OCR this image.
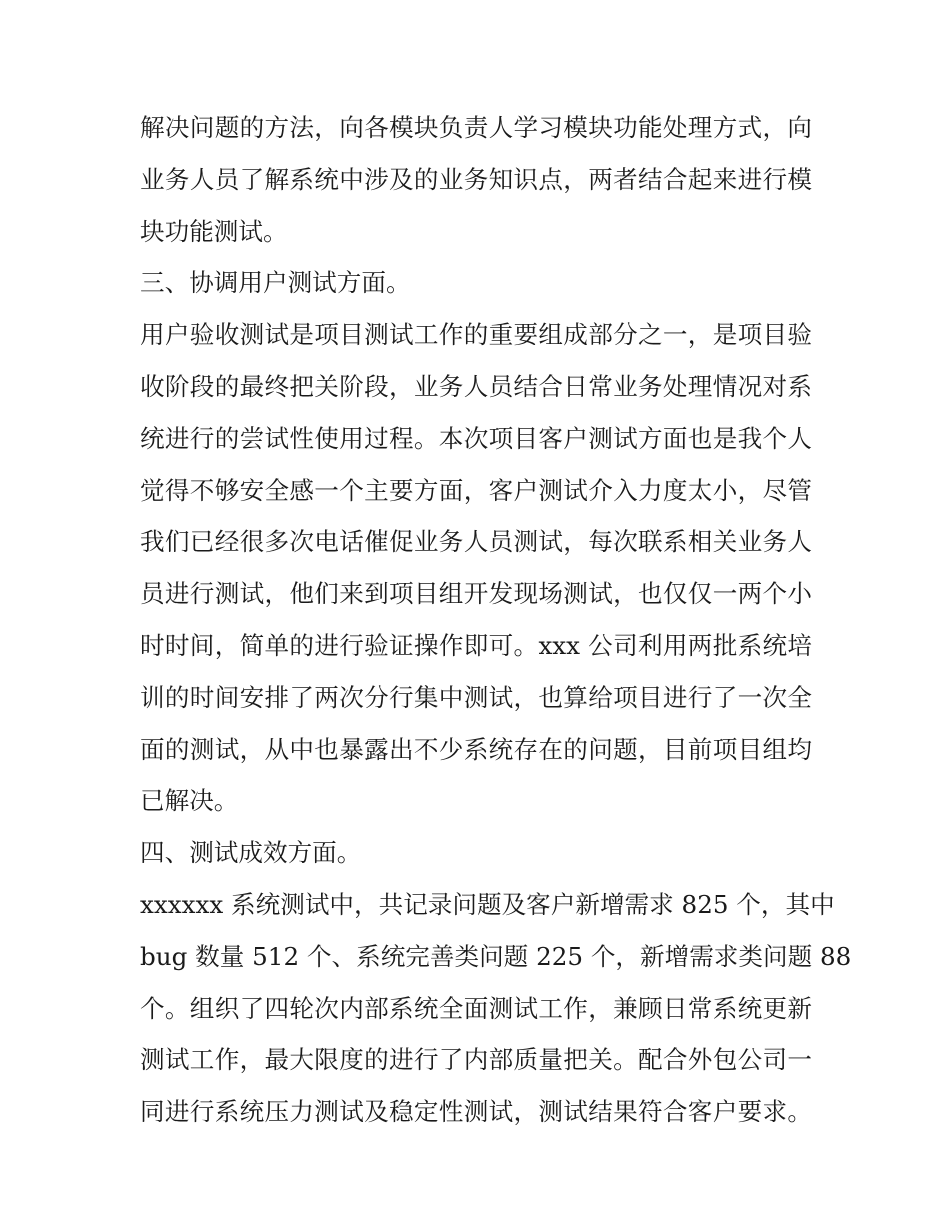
解决问题的方法，向各模块负责人学习模块功能处理方式，向
业务人员了解系统中涉及的业务知识点，两者结合起来进行模
块功能测试。
三、协调用户测试方面。
用户验收测试是项目测试工作的重要组成部分之一，是项目验
收阶段的最终把关阶段，业务人员结合日常业务处理情况对系
统进行的尝试性使用过程。本次项目客户测试方面也是我个人
觉得不够安全感一个主要方面，客户测试介入力度太小，尽管
我们已经很多次电话催促业务人员测试，每次联系相关业务人
员进行测试，他们来到项目组开发现场测试，也仅仅一两个小
时时间，简单的进行验证操作即可。xxx 公司利用两批系统培
训的时间安排了两次分行集中测试，也算给项目进行了一次全
面的测试，从中也暴露出不少系统存在的问题，目前项目组均
已解决。
四、测试成效方面。
xxxxxx 系统测试中，共记录问题及客户新增需求 825 个，其中
bug 数量 512 个、系统完善类问题 225 个，新增需求类问题 88
个。组织了四轮次内部系统全面测试工作，兼顾日常系统更新
测试工作，最大限度的进行了内部质量把关。配合外包公司一
同进行系统压力测试及稳定性测试，测试结果符合客户要求。
